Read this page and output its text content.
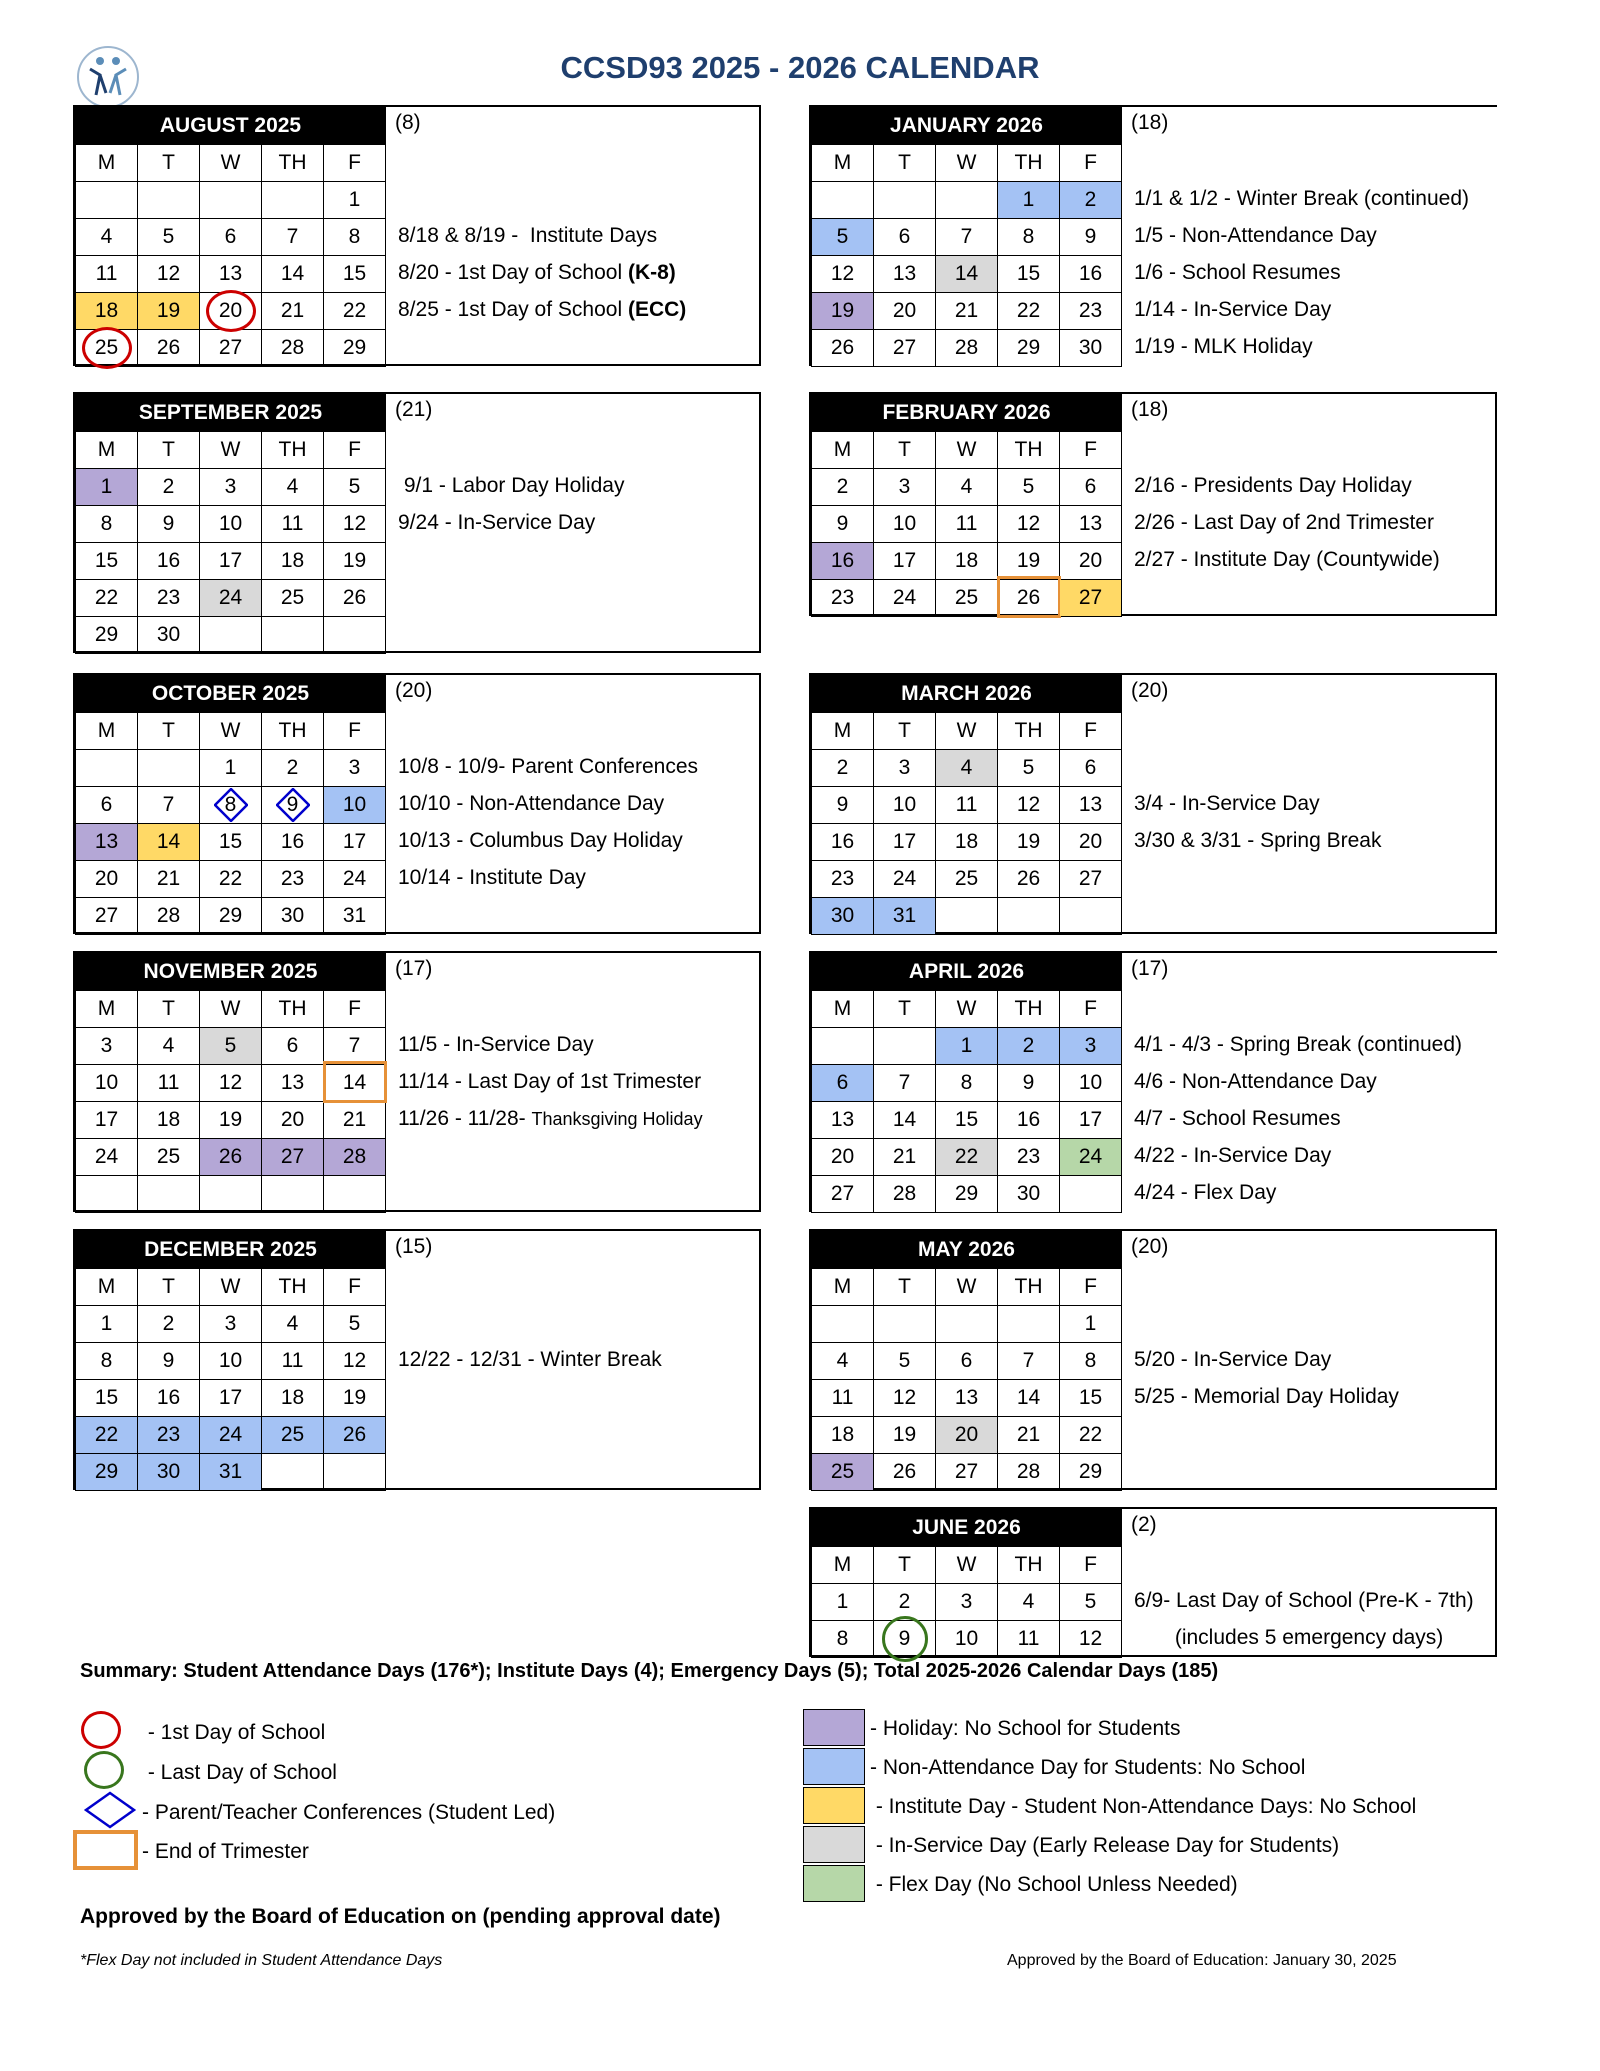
CCSD93 2025 - 2026 CALENDAR
AUGUST 2025				
M	T	W	TH	F
				1
4	5	6	7	8
11	12	13	14	15
18	19	20	21	22
25	26	27	28	29
(8)
8/18 & 8/19 -  Institute Days
8/20 - 1st Day of School (K-8)
8/25 - 1st Day of School (ECC)
JANUARY 2026				
M	T	W	TH	F
			1	2
5	6	7	8	9
12	13	14	15	16
19	20	21	22	23
26	27	28	29	30
(18)
1/1 & 1/2 - Winter Break (continued)
1/5 - Non-Attendance Day
1/6 - School Resumes
1/14 - In-Service Day
1/19 - MLK Holiday
SEPTEMBER 2025				
M	T	W	TH	F
1	2	3	4	5
8	9	10	11	12
15	16	17	18	19
22	23	24	25	26
29	30			
(21)
9/1 - Labor Day Holiday
9/24 - In-Service Day
FEBRUARY 2026				
M	T	W	TH	F
2	3	4	5	6
9	10	11	12	13
16	17	18	19	20
23	24	25	26	27
(18)
2/16 - Presidents Day Holiday
2/26 - Last Day of 2nd Trimester
2/27 - Institute Day (Countywide)
OCTOBER 2025				
M	T	W	TH	F
		1	2	3
6	7	8	9	10
13	14	15	16	17
20	21	22	23	24
27	28	29	30	31
(20)
10/8 - 10/9- Parent Conferences
10/10 - Non-Attendance Day
10/13 - Columbus Day Holiday
10/14 - Institute Day
MARCH 2026				
M	T	W	TH	F
2	3	4	5	6
9	10	11	12	13
16	17	18	19	20
23	24	25	26	27
30	31			
(20)
3/4 - In-Service Day
3/30 & 3/31 - Spring Break
NOVEMBER 2025				
M	T	W	TH	F
3	4	5	6	7
10	11	12	13	14

17	18	19	20	21
24	25	26	27	28

(17)
11/5 - In-Service Day
11/14 - Last Day of 1st Trimester
11/26 - 11/28- Thanksgiving Holiday
APRIL 2026				
M	T	W	TH	F
		1	2	3
6	7	8	9	10
13	14	15	16	17
20	21	22	23	24
27	28	29	30	
(17)
4/1 - 4/3 - Spring Break (continued)
4/6 - Non-Attendance Day
4/7 - School Resumes
4/22 - In-Service Day
4/24 - Flex Day
DECEMBER 2025				
M	T	W	TH	F
1	2	3	4	5
8	9	10	11	12
15	16	17	18	19
22	23	24	25	26
29	30	31		
(15)
12/22 - 12/31 - Winter Break
MAY 2026				
M	T	W	TH	F
				1
4	5	6	7	8
11	12	13	14	15
18	19	20	21	22
25	26	27	28	29
(20)
5/20 - In-Service Day
5/25 - Memorial Day Holiday
JUNE 2026				
M	T	W	TH	F
1	2	3	4	5
8	9	10	11	12
(2)
6/9- Last Day of School (Pre-K - 7th)
(includes 5 emergency days)
Summary: Student Attendance Days (176*); Institute Days (4); Emergency Days (5); Total 2025-2026 Calendar Days (185)
- 1st Day of School
- Last Day of School
- Parent/Teacher Conferences (Student Led)
- End of Trimester
- Holiday: No School for Students
- Non-Attendance Day for Students: No School
- Institute Day - Student Non-Attendance Days: No School
- In-Service Day (Early Release Day for Students)
- Flex Day (No School Unless Needed)
Approved by the Board of Education on (pending approval date)
*Flex Day not included in Student Attendance Days	Approved by the Board of Education: January 30, 2025
